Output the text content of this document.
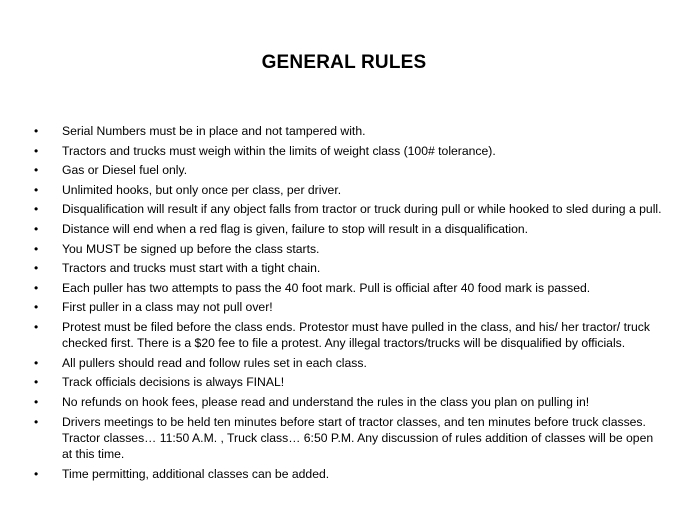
GENERAL RULES
•	Serial Numbers must be in place and not tampered with.
•	Tractors and trucks must weigh within the limits of weight class (100# tolerance).
•	Gas or Diesel fuel only.
•	Unlimited hooks, but only once per class, per driver.
•	Disqualification will result if any object falls from tractor or truck during pull or while hooked to sled during a pull.
•	Distance will end when a red flag is given, failure to stop will result in a disqualification.
•	You MUST be signed up before the class starts.
•	Tractors and trucks must start with a tight chain.
•	Each puller has two attempts to pass the 40 foot mark. Pull is official after 40 food mark is passed.
•	First puller in a class may not pull over!
•	Protest must be filed before the class ends. Protestor must have pulled in the class, and his/ her tractor/ truck checked first. There is a $20 fee to file a protest. Any illegal tractors/trucks will be disqualified by officials.
•	All pullers should read and follow rules set in each class.
•	Track officials decisions is always FINAL!
•	No refunds on hook fees, please read and understand the rules in the class you plan on pulling in!
•	Drivers meetings to be held ten minutes before start of tractor classes, and ten minutes before truck classes. Tractor classes… 11:50 A.M. , Truck class… 6:50 P.M. Any discussion of rules addition of classes will be open at this time.
•	Time permitting, additional classes can be added.
